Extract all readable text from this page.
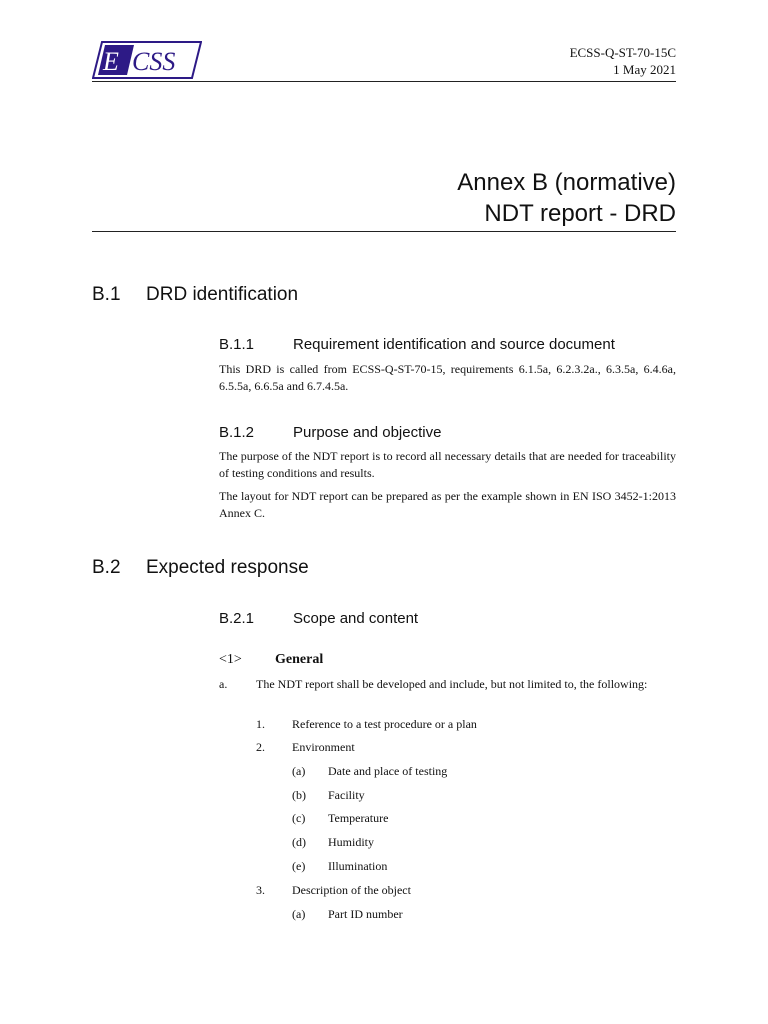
E CSS	ECSS-Q-ST-70-15C
1 May 2021
Annex B (normative)
NDT report - DRD
B.1 DRD identification
B.1.1	Requirement identification and source document

This DRD is called from ECSS-Q-ST-70-15, requirements 6.1.5a, 6.2.3.2a., 6.3.5a, 6.4.6a, 6.5.5a, 6.6.5a and 6.7.4.5a.

B.1.2	Purpose and objective

The purpose of the NDT report is to record all necessary details that are needed for traceability of testing conditions and results.

The layout for NDT report can be prepared as per the example shown in EN ISO 3452-1:2013 Annex C.

B.2 Expected response
B.2.1	Scope and content
<1> General
a. The NDT report shall be developed and include, but not limited to, the following:
1. Reference to a test procedure or a plan
2. Environment
(a) Date and place of testing
(b) Facility
(c) Temperature
(d) Humidity
(e) Illumination
3. Description of the object
(a) Part ID number
